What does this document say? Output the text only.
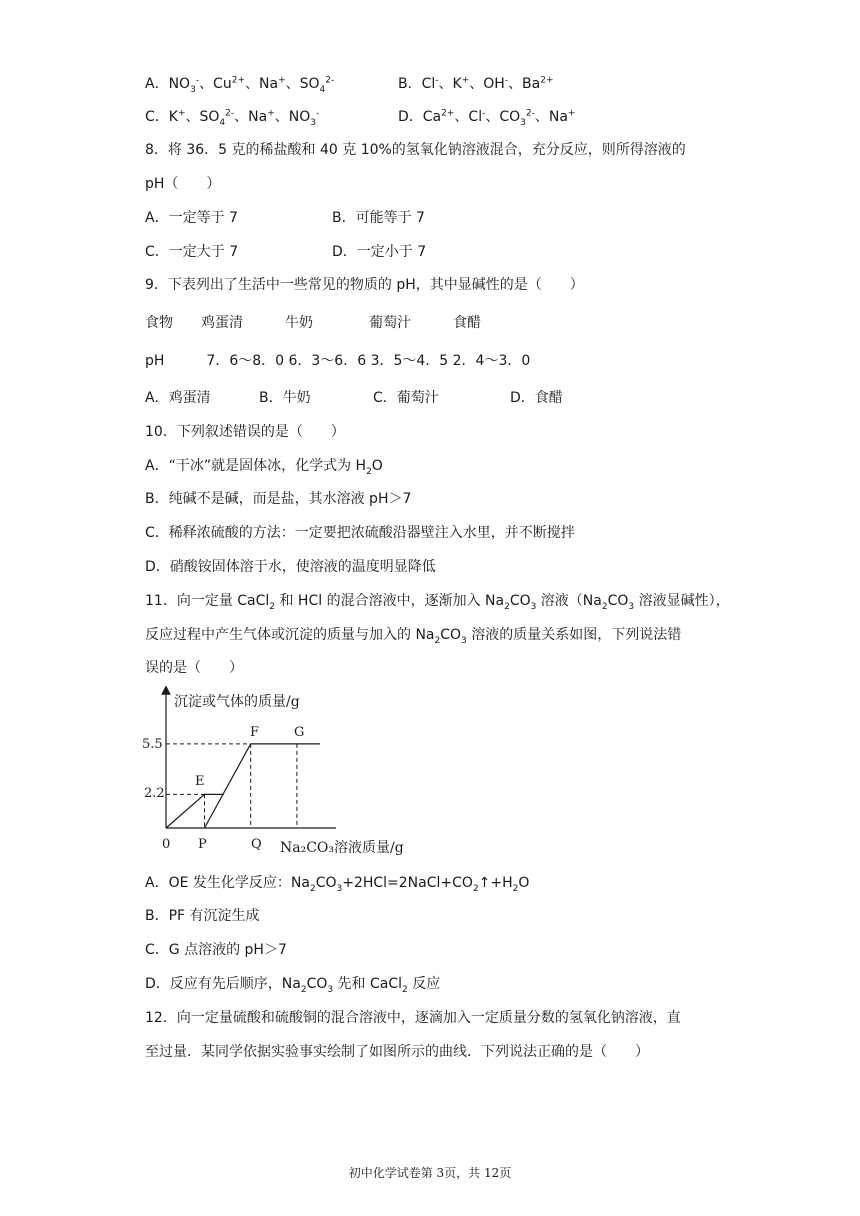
A．$NO_3^-$、$Cu^{2+}$、Na+、$SO_4^{2-}$	B．Cl-、K+、OH-、$Ba^{2+}$
C．K+、$SO_4^{2-}$、Na+、$NO_3^-$	D．$Ca^{2+}$、Cl-、$CO_3^{2-}$、Na+
8．将 36．5 克的稀盐酸和 40 克 10%的氢氧化钠溶液混合，充分反应，则所得溶液的
pH（　　）
A．一定等于 7	B．可能等于 7
C．一定大于 7	D．一定小于 7
9．下表列出了生活中一些常见的物质的 pH，其中显碱性的是（　　）
食物　　鸡蛋清　　　牛奶　　　　葡萄汁　　　食醋
pH　　　7．6～8．0 6．3～6．6 3．5～4．5 2．4～3．0
A．鸡蛋清	B．牛奶	C．葡萄汁	D．食醋
10．下列叙述错误的是（　　）
A．“干冰”就是固体冰，化学式为 $H_2O$
B．纯碱不是碱，而是盐，其水溶液 pH＞7
C．稀释浓硫酸的方法：一定要把浓硫酸沿器壁注入水里，并不断搅拌
D．硝酸铵固体溶于水，使溶液的温度明显降低
11．向一定量 CaCl$_2$ 和 HCl 的混合溶液中，逐渐加入 $Na_2CO_3$ 溶液（$Na_2CO_3$ 溶液显碱性），
反应过程中产生气体或沉淀的质量与加入的 $Na_2CO_3$ 溶液的质量关系如图，下列说法错
误的是（　　）
沉淀或气体的质量/g
Na₂CO₃溶液质量/g
5.5
2.2
0 P	Q
E
F	G
A．OE 发生化学反应：$Na_2CO_3+2HCl=2NaCl+CO_2↑+H_2O$
B．PF 有沉淀生成
C．G 点溶液的 pH＞7
D．反应有先后顺序，$Na_2CO_3$ 先和 CaCl$_2$ 反应
12．向一定量硫酸和硫酸铜的混合溶液中，逐滴加入一定质量分数的氢氧化钠溶液，直
至过量．某同学依据实验事实绘制了如图所示的曲线．下列说法正确的是（　　）
初中化学试卷第 3页，共 12页
